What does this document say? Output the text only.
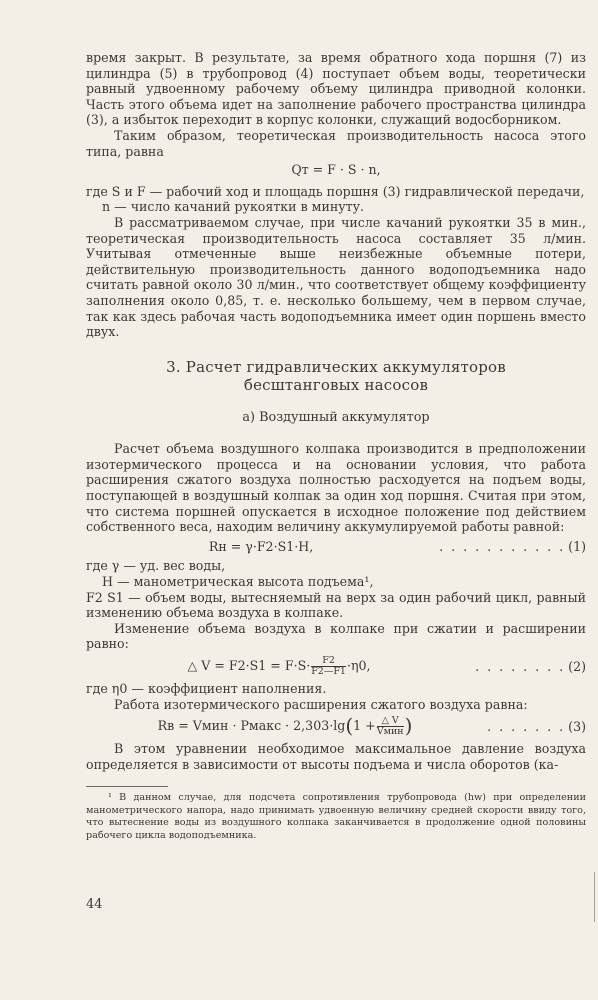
время закрыт. В результате, за время обратного хода поршня (7) из цилиндра (5) в трубопровод (4) поступает объем воды, теоретически равный удвоенному рабочему объему цилиндра приводной колонки. Часть этого объема идет на заполнение рабочего пространства цилиндра (3), а избыток переходит в корпус колонки, служащий водосборником.

Таким образом, теоретическая производительность насоса этого типа, равна

Qт = F · S · n,

где S и F — рабочий ход и площадь поршня (3) гидравлической передачи,

n — число качаний рукоятки в минуту.

В рассматриваемом случае, при числе качаний рукоятки 35 в мин., теоретическая производительность насоса составляет 35 л/мин. Учитывая отмеченные выше неизбежные объемные потери, действительную производительность данного водоподъемника надо считать равной около 30 л/мин., что соответствует общему коэффициенту заполнения около 0,85, т. е. несколько большему, чем в первом случае, так как здесь рабочая часть водоподъемника имеет один поршень вместо двух.

3. Расчет гидравлических аккумуляторов
бесштанговых насосов
а) Воздушный аккумулятор

Расчет объема воздушного колпака производится в предположении изотермического процесса и на основании условия, что работа расширения сжатого воздуха полностью расходуется на подъем воды, поступающей в воздушный колпак за один ход поршня. Считая при этом, что система поршней опускается в исходное положение под действием собственного веса, находим величину аккумулируемой работы равной:

Rн = γ·F2·S1·H,	. . . . . . . . . . . (1)

где γ — уд. вес воды,

H — манометрическая высота подъема¹,

F2 S1 — объем воды, вытесняемый на верх за один рабочий цикл, равный изменению объема воздуха в колпаке.

Изменение объема воздуха в колпаке при сжатии и расширении равно:

△ $V = F2\cdot S1 = F\cdot S\cdot \frac{F2}{F2—F1} \cdot\eta 0$,	. . . . . . . . (2)

где η0 — коэффициент наполнения.

Работа изотермического расширения сжатого воздуха равна:

Rв = Vмин · Pмакс · $2,303\cdot\lg(1 + \frac{\triangle V}{\text{Vмин}}$ )	. . . . . . . (3)

В этом уравнении необходимое максимальное давление воздуха определяется в зависимости от высоты подъема и числа оборотов (ка-

¹ В данном случае, для подсчета сопротивления трубопровода (hw) при определении манометрического напора, надо принимать удвоенную величину средней скорости ввиду того, что вытеснение воды из воздушного колпака заканчивается в продолжение одной половины рабочего цикла водоподъемника.

44
